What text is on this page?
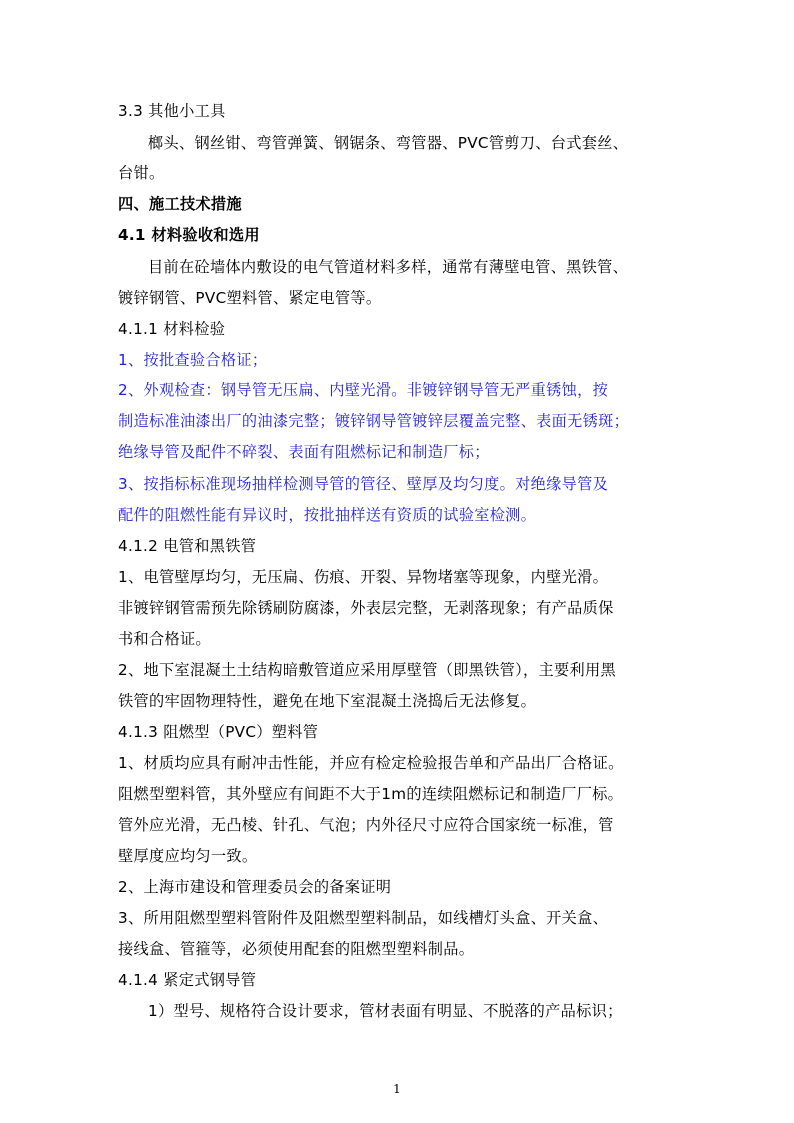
3.3 其他小工具
榔头、钢丝钳、弯管弹簧、钢锯条、弯管器、PVC管剪刀、台式套丝、
台钳。
四、施工技术措施
4.1 材料验收和选用
目前在砼墙体内敷设的电气管道材料多样，通常有薄壁电管、黑铁管、
镀锌钢管、PVC塑料管、紧定电管等。
4.1.1 材料检验
1、按批查验合格证；
2、外观检查：钢导管无压扁、内壁光滑。非镀锌钢导管无严重锈蚀，按
制造标准油漆出厂的油漆完整；镀锌钢导管镀锌层覆盖完整、表面无锈斑；
绝缘导管及配件不碎裂、表面有阻燃标记和制造厂标；
3、按指标标准现场抽样检测导管的管径、壁厚及均匀度。对绝缘导管及
配件的阻燃性能有异议时，按批抽样送有资质的试验室检测。
4.1.2 电管和黑铁管
1、电管壁厚均匀，无压扁、伤痕、开裂、异物堵塞等现象，内壁光滑。
非镀锌钢管需预先除锈刷防腐漆，外表层完整，无剥落现象；有产品质保
书和合格证。
2、地下室混凝土土结构暗敷管道应采用厚壁管（即黑铁管），主要利用黑
铁管的牢固物理特性，避免在地下室混凝土浇捣后无法修复。
4.1.3 阻燃型（PVC）塑料管
1、材质均应具有耐冲击性能，并应有检定检验报告单和产品出厂合格证。
阻燃型塑料管，其外壁应有间距不大于1m的连续阻燃标记和制造厂厂标。
管外应光滑，无凸棱、针孔、气泡；内外径尺寸应符合国家统一标准，管
壁厚度应均匀一致。
2、上海市建设和管理委员会的备案证明
3、所用阻燃型塑料管附件及阻燃型塑料制品，如线槽灯头盒、开关盒、
接线盒、管箍等，必须使用配套的阻燃型塑料制品。
4.1.4 紧定式钢导管
1）型号、规格符合设计要求，管材表面有明显、不脱落的产品标识；
1
